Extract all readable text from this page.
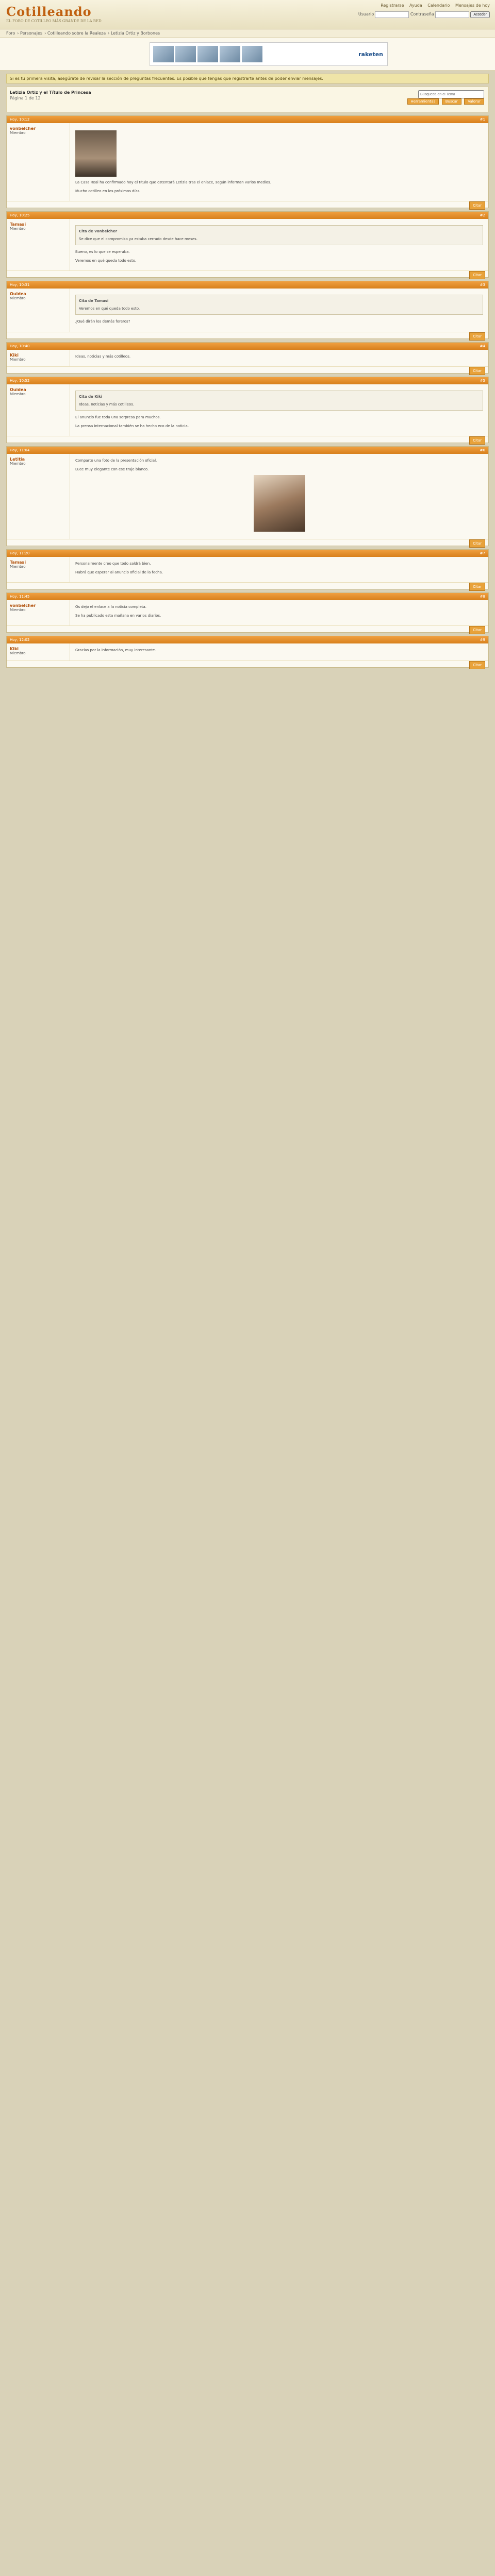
Cotilleando
EL FORO DE COTILLEO MÁS GRANDE DE LA RED
Registrarse Ayuda Calendario Mensajes de hoy
Usuario	Contraseña	Acceder
Foro › Personajes › Cotilleando sobre la Realeza › Letizia Ortiz y Borbones
raketen
Si es tu primera visita, asegúrate de revisar la sección de preguntas frecuentes. Es posible que tengas que registrarte antes de poder enviar mensajes.
Letizia Ortiz y el Título de Princesa
Página 1 de 12
Búsqueda en el Tema
Herramientas	Buscar	Valorar
Hoy, 10:12	#1
vonbelcher
Miembro

La Casa Real ha confirmado hoy el título que ostentará Letizia tras el enlace, según informan varios medios.

Mucho cotilleo en los próximos días.

Citar
Hoy, 10:25	#2
Tamasi
Miembro
Cita de vonbelcher
Se dice que el compromiso ya estaba cerrado desde hace meses.

Bueno, es lo que se esperaba.

Veremos en qué queda todo esto.

Citar
Hoy, 10:31	#3
Ouidea
Miembro
Cita de Tamasi
Veremos en qué queda todo esto.

¿Qué dirán los demás foreros?

Citar
Hoy, 10:40	#4
Kiki
Miembro

Ideas, noticias y más cotilleos.

Citar
Hoy, 10:52	#5
Ouidea
Miembro
Cita de Kiki
Ideas, noticias y más cotilleos.

El anuncio fue toda una sorpresa para muchos.

La prensa internacional también se ha hecho eco de la noticia.

Citar
Hoy, 11:04	#6
Letitia
Miembro

Comparto una foto de la presentación oficial.

Luce muy elegante con ese traje blanco.

Citar
Hoy, 11:20	#7
Tamasi
Miembro

Personalmente creo que todo saldrá bien.

Habrá que esperar al anuncio oficial de la fecha.

Citar
Hoy, 11:45	#8
vonbelcher
Miembro

Os dejo el enlace a la noticia completa.

Se ha publicado esta mañana en varios diarios.

Citar
Hoy, 12:02	#9
Kiki
Miembro

Gracias por la información, muy interesante.

Citar
